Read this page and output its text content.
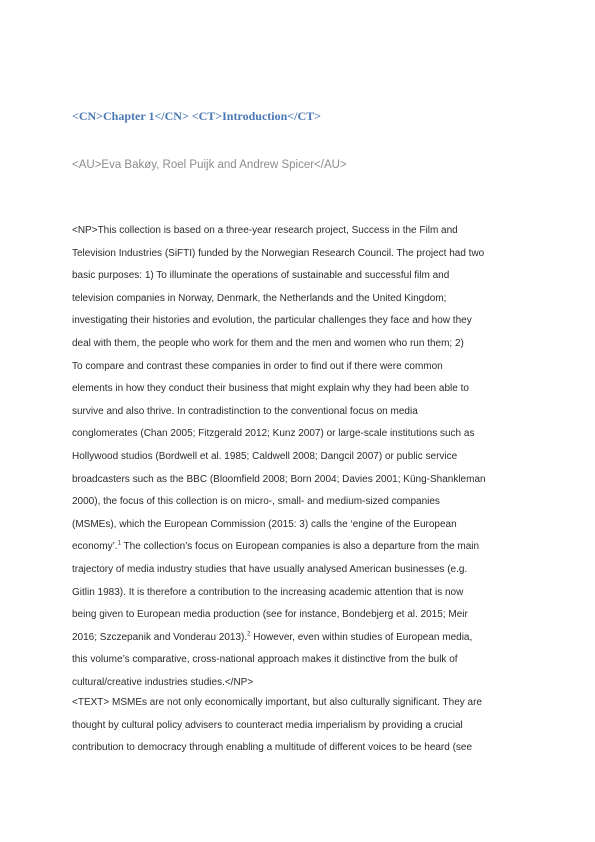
<CN>Chapter 1</CN> <CT>Introduction</CT>

<AU>Eva Bakøy, Roel Puijk and Andrew Spicer</AU>

<NP>This collection is based on a three-year research project, Success in the Film and
Television Industries (SiFTI) funded by the Norwegian Research Council. The project had two
basic purposes: 1) To illuminate the operations of sustainable and successful film and
television companies in Norway, Denmark, the Netherlands and the United Kingdom;
investigating their histories and evolution, the particular challenges they face and how they
deal with them, the people who work for them and the men and women who run them; 2)
To compare and contrast these companies in order to find out if there were common
elements in how they conduct their business that might explain why they had been able to
survive and also thrive. In contradistinction to the conventional focus on media
conglomerates (Chan 2005; Fitzgerald 2012; Kunz 2007) or large-scale institutions such as
Hollywood studios (Bordwell et al. 1985; Caldwell 2008; Dangcil 2007) or public service
broadcasters such as the BBC (Bloomfield 2008; Born 2004; Davies 2001; Küng-Shankleman
2000), the focus of this collection is on micro-, small- and medium-sized companies
(MSMEs), which the European Commission (2015: 3) calls the ‘engine of the European
economy’.$^1$ The collection’s focus on European companies is also a departure from the main
trajectory of media industry studies that have usually analysed American businesses (e.g.
Gitlin 1983). It is therefore a contribution to the increasing academic attention that is now
being given to European media production (see for instance, Bondebjerg et al. 2015; Meir
2016; Szczepanik and Vonderau 2013).$^2$ However, even within studies of European media,
this volume’s comparative, cross-national approach makes it distinctive from the bulk of
cultural/creative industries studies.</NP>
<TEXT> MSMEs are not only economically important, but also culturally significant. They are
thought by cultural policy advisers to counteract media imperialism by providing a crucial
contribution to democracy through enabling a multitude of different voices to be heard (see
